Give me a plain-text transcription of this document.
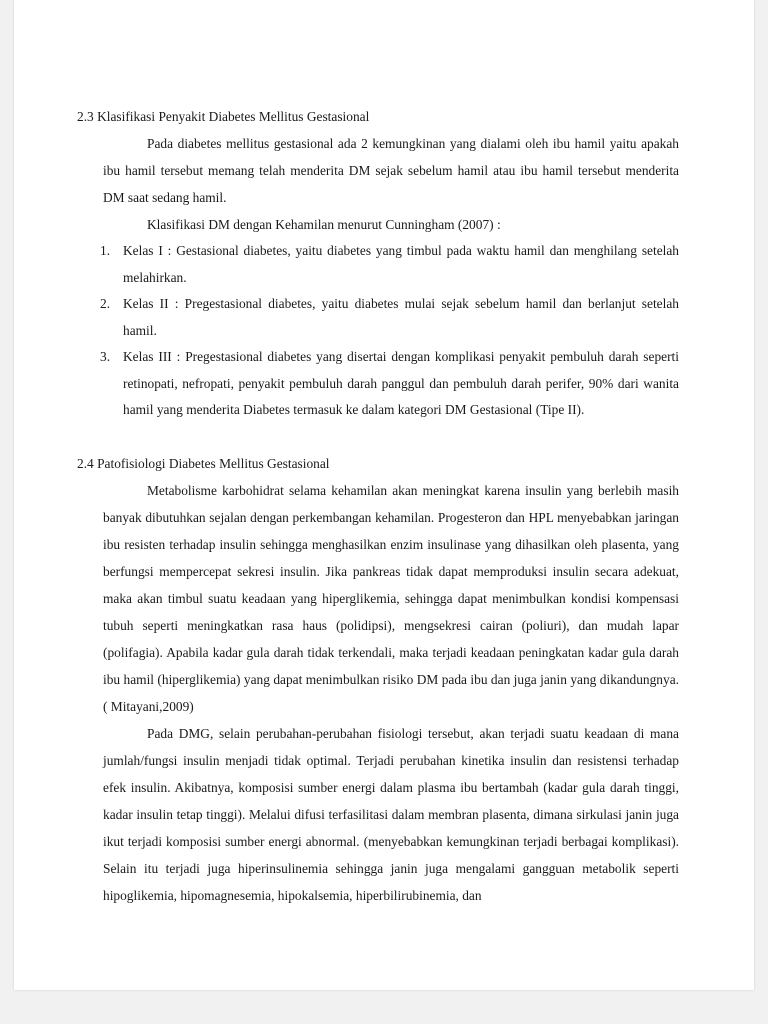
2.3 Klasifikasi Penyakit Diabetes Mellitus Gestasional

Pada diabetes mellitus gestasional ada 2 kemungkinan yang dialami oleh ibu hamil yaitu apakah ibu hamil tersebut memang telah menderita DM sejak sebelum hamil atau ibu hamil tersebut menderita DM saat sedang hamil.

Klasifikasi DM dengan Kehamilan menurut Cunningham (2007) :

1. Kelas I : Gestasional diabetes, yaitu diabetes yang timbul pada waktu hamil dan menghilang setelah melahirkan.
2. Kelas II : Pregestasional diabetes, yaitu diabetes mulai sejak sebelum hamil dan berlanjut setelah hamil.
3. Kelas III : Pregestasional diabetes yang disertai dengan komplikasi penyakit pembuluh darah seperti retinopati, nefropati, penyakit pembuluh darah panggul dan pembuluh darah perifer, 90% dari wanita hamil yang menderita Diabetes termasuk ke dalam kategori DM Gestasional (Tipe II).
2.4 Patofisiologi Diabetes Mellitus Gestasional

Metabolisme karbohidrat selama kehamilan akan meningkat karena insulin yang berlebih masih banyak dibutuhkan sejalan dengan perkembangan kehamilan. Progesteron dan HPL menyebabkan jaringan ibu resisten terhadap insulin sehingga menghasilkan enzim insulinase yang dihasilkan oleh plasenta, yang berfungsi mempercepat sekresi insulin. Jika pankreas tidak dapat memproduksi insulin secara adekuat, maka akan timbul suatu keadaan yang hiperglikemia, sehingga dapat menimbulkan kondisi kompensasi tubuh seperti meningkatkan rasa haus (polidipsi), mengsekresi cairan (poliuri), dan mudah lapar (polifagia). Apabila kadar gula darah tidak terkendali, maka terjadi keadaan peningkatan kadar gula darah ibu hamil (hiperglikemia) yang dapat menimbulkan risiko DM pada ibu dan juga janin yang dikandungnya.( Mitayani,2009)

Pada DMG, selain perubahan-perubahan fisiologi tersebut, akan terjadi suatu keadaan di mana jumlah/fungsi insulin menjadi tidak optimal. Terjadi perubahan kinetika insulin dan resistensi terhadap efek insulin. Akibatnya, komposisi sumber energi dalam plasma ibu bertambah (kadar gula darah tinggi, kadar insulin tetap tinggi). Melalui difusi terfasilitasi dalam membran plasenta, dimana sirkulasi janin juga ikut terjadi komposisi sumber energi abnormal. (menyebabkan kemungkinan terjadi berbagai komplikasi). Selain itu terjadi juga hiperinsulinemia sehingga janin juga mengalami gangguan metabolik seperti hipoglikemia, hipomagnesemia, hipokalsemia, hiperbilirubinemia, dan
